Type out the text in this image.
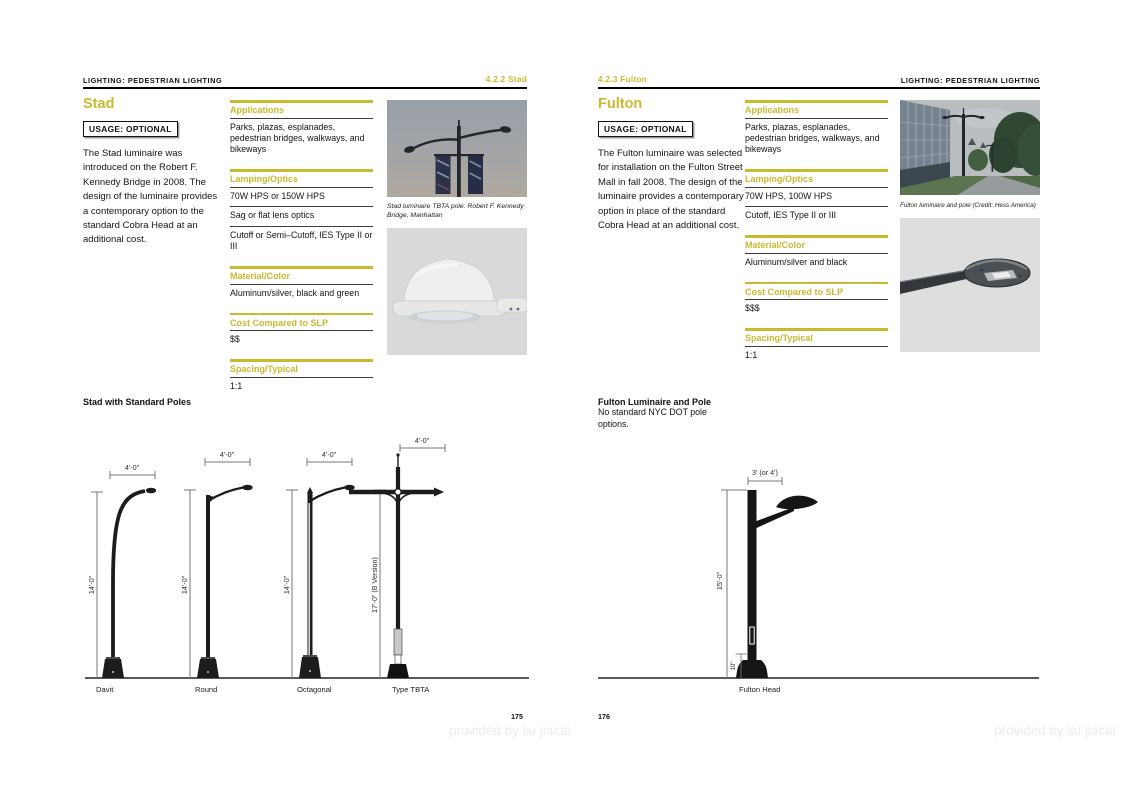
LIGHTING: PEDESTRIAN LIGHTING	4.2.2 Stad
Stad
USAGE: OPTIONAL
The Stad luminaire was introduced on the Robert F. Kennedy Bridge in 2008. The design of the luminaire provides a contemporary option to the standard Cobra Head at an additional cost.
Applications
Parks, plazas, esplanades, pedestrian bridges, walkways, and bikeways
Lamping/Optics
70W HPS or 150W HPS
Sag or flat lens optics
Cutoff or Semi–Cutoff, IES Type II or III
Material/Color
Aluminum/silver, black and green
Cost Compared to SLP
$$
Spacing/Typical
1:1
Stad luminaire TBTA pole: Robert F. Kennedy Bridge, Manhattan
Stad with Standard Poles
14'-0"
4'-0"
Davit
14'-0"
4'-0"
Round
14'-0"
4'-0"
Octagonal
17'-0" (B Version)
4'-0"
Type TBTA
175
4.2.3 Fulton	LIGHTING: PEDESTRIAN LIGHTING
Fulton
USAGE: OPTIONAL
The Fulton luminaire was selected for installation on the Fulton Street Mall in fall 2008. The design of the luminaire provides a contemporary option in place of the standard Cobra Head at an additional cost.
Applications
Parks, plazas, esplanades, pedestrian bridges, walkways, and bikeways
Lamping/Optics
70W HPS, 100W HPS
Cutoff, IES Type II or III
Material/Color
Aluminum/silver and black
Cost Compared to SLP
$$$
Spacing/Typical
1:1
Fulton luminaire and pole (Credit: Hess America)
Fulton Luminaire and Pole
No standard NYC DOT pole options.
15'-0"
3' (or 4')
10"
Fulton Head
176
provided by liu jiacai	provided by liu jiacai
